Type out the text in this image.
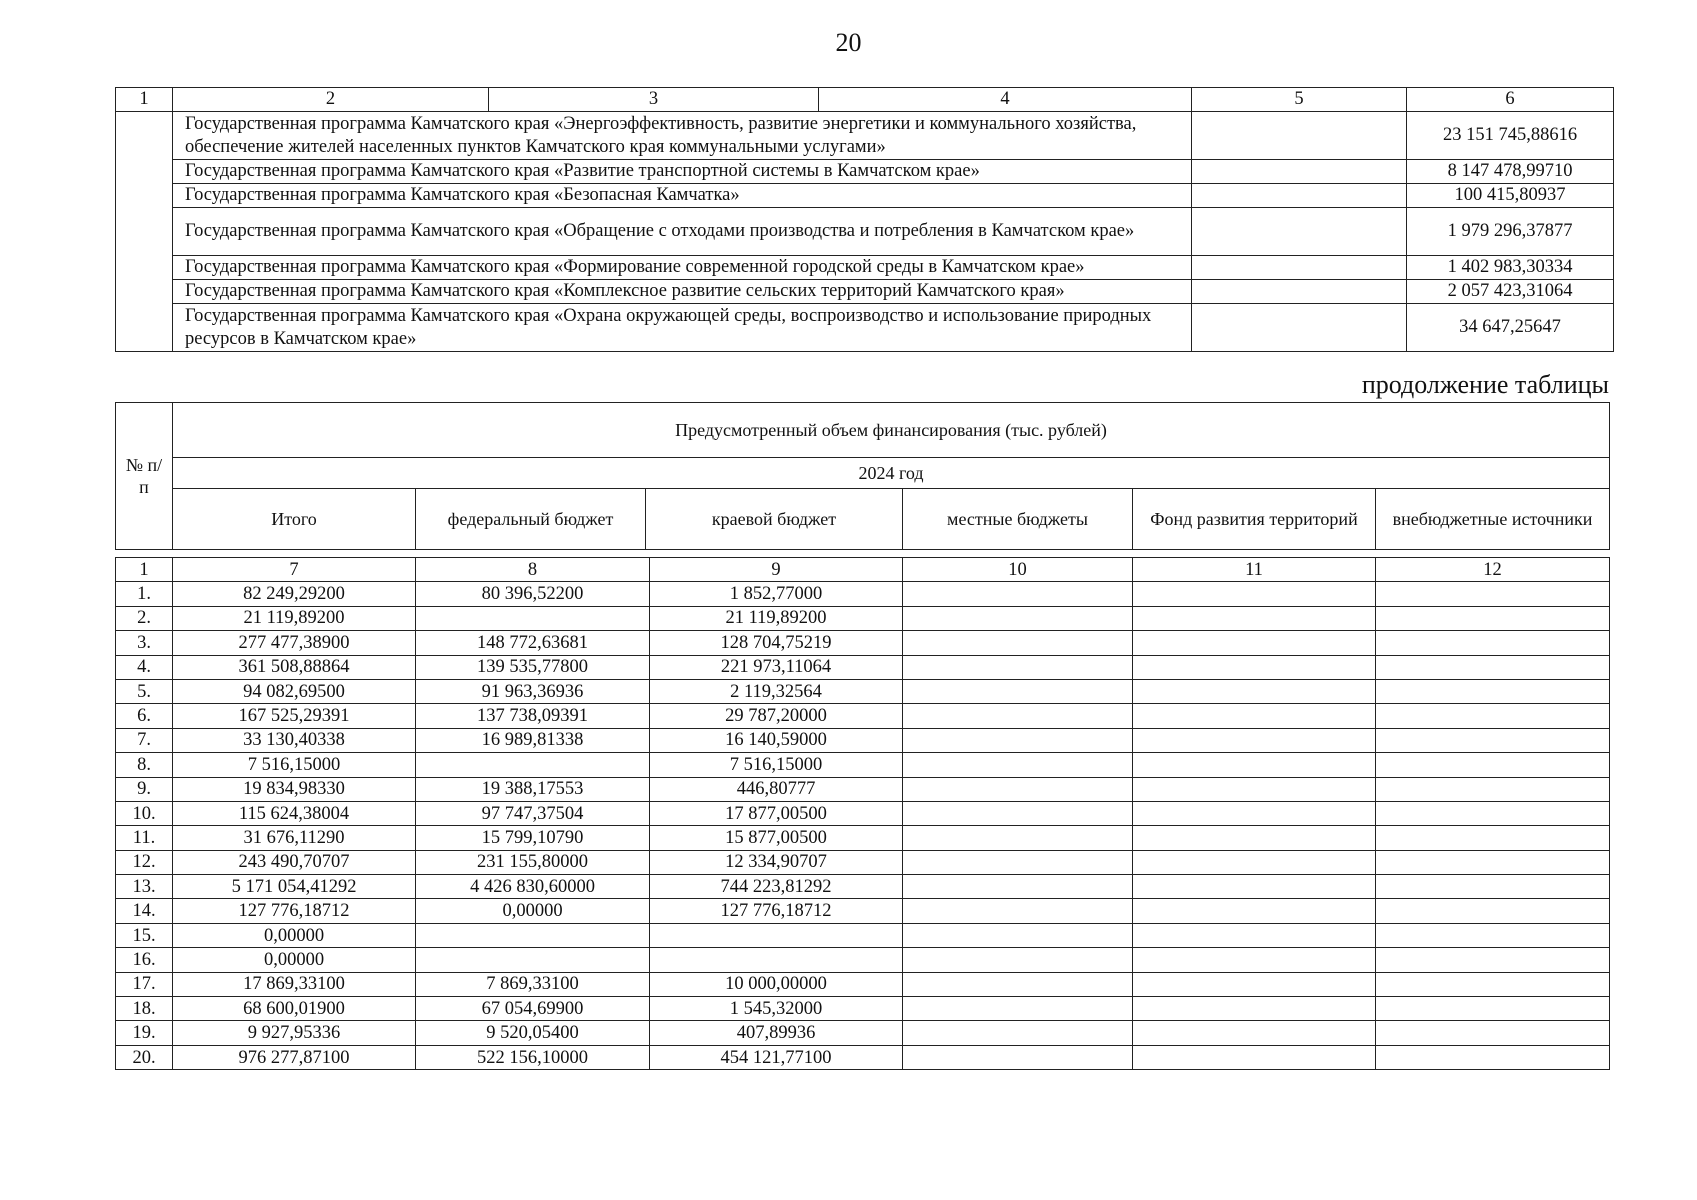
20
1	2	3	4	5	6
	Государственная программа Камчатского края «Энергоэффективность, развитие энергетики и коммунального хозяйства, обеспечение жителей населенных пунктов Камчатского края коммунальными услугами»				23 151 745,88616
	Государственная программа Камчатского края «Развитие транспортной системы в Камчатском крае»				8 147 478,99710
	Государственная программа Камчатского края «Безопасная Камчатка»				100 415,80937
	Государственная программа Камчатского края «Обращение с отходами производства и потребления в Камчатском крае»				1 979 296,37877
	Государственная программа Камчатского края «Формирование современной городской среды в Камчатском крае»				1 402 983,30334
	Государственная программа Камчатского края «Комплексное развитие сельских территорий Камчатского края»				2 057 423,31064
	Государственная программа Камчатского края «Охрана окружающей среды, воспроизводство и использование природных ресурсов в Камчатском крае»				34 647,25647
продолжение таблицы
№ п/п	Предусмотренный объем финансирования (тыс. рублей)					
	2024 год					
	Итого	федеральный бюджет	краевой бюджет	местные бюджеты	Фонд развития территорий	внебюджетные источники
1	7	8	9	10	11	12
1.	82 249,29200	80 396,52200	1 852,77000			
2.	21 119,89200		21 119,89200			
3.	277 477,38900	148 772,63681	128 704,75219			
4.	361 508,88864	139 535,77800	221 973,11064			
5.	94 082,69500	91 963,36936	2 119,32564			
6.	167 525,29391	137 738,09391	29 787,20000			
7.	33 130,40338	16 989,81338	16 140,59000			
8.	7 516,15000		7 516,15000			
9.	19 834,98330	19 388,17553	446,80777			
10.	115 624,38004	97 747,37504	17 877,00500			
11.	31 676,11290	15 799,10790	15 877,00500			
12.	243 490,70707	231 155,80000	12 334,90707			
13.	5 171 054,41292	4 426 830,60000	744 223,81292			
14.	127 776,18712	0,00000	127 776,18712			
15.	0,00000					
16.	0,00000					
17.	17 869,33100	7 869,33100	10 000,00000			
18.	68 600,01900	67 054,69900	1 545,32000			
19.	9 927,95336	9 520,05400	407,89936			
20.	976 277,87100	522 156,10000	454 121,77100			
